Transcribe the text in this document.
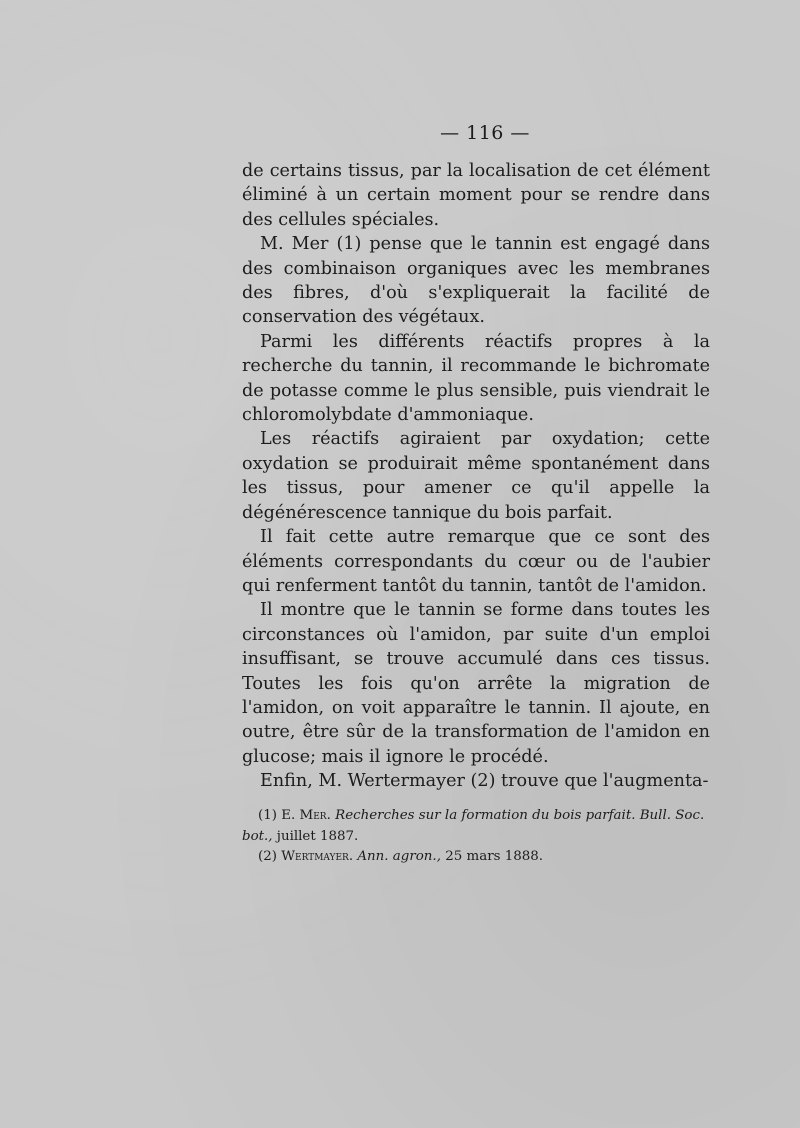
— 116 —

de certains tissus, par la localisation de cet élément éliminé à un certain moment pour se rendre dans des cellules spéciales.

M. Mer (1) pense que le tannin est engagé dans des combinaison organiques avec les membranes des fibres, d'où s'expliquerait la facilité de conservation des végétaux.

Parmi les différents réactifs propres à la recherche du tannin, il recommande le bichromate de potasse comme le plus sensible, puis viendrait le chloromolybdate d'ammoniaque.

Les réactifs agiraient par oxydation; cette oxydation se produirait même spontanément dans les tissus, pour amener ce qu'il appelle la dégénérescence tannique du bois parfait.

Il fait cette autre remarque que ce sont des éléments correspondants du cœur ou de l'aubier qui renferment tantôt du tannin, tantôt de l'amidon.

Il montre que le tannin se forme dans toutes les circonstances où l'amidon, par suite d'un emploi insuffisant, se trouve accumulé dans ces tissus. Toutes les fois qu'on arrête la migration de l'amidon, on voit apparaître le tannin. Il ajoute, en outre, être sûr de la transformation de l'amidon en glucose; mais il ignore le procédé.

Enfin, M. Wertermayer (2) trouve que l'augmenta-

(1) E. Mer. Recherches sur la formation du bois parfait. Bull. Soc. bot., juillet 1887.

(2) Wertmayer. Ann. agron., 25 mars 1888.
